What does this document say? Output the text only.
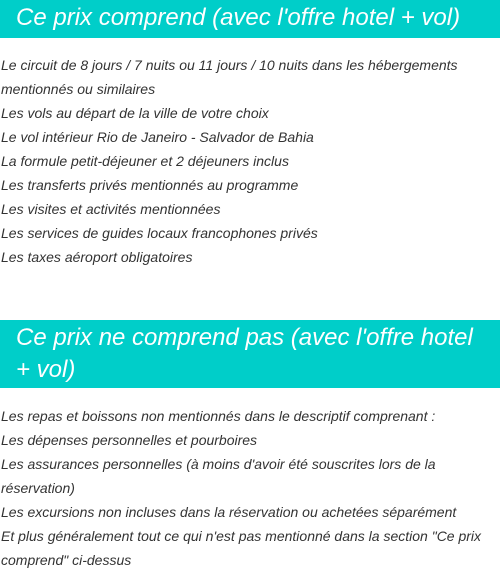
Ce prix comprend (avec l'offre hotel + vol)
Le circuit de 8 jours / 7 nuits ou 11 jours / 10 nuits dans les hébergements mentionnés ou similaires
Les vols au départ de la ville de votre choix
Le vol intérieur Rio de Janeiro - Salvador de Bahia
La formule petit-déjeuner et 2 déjeuners inclus
Les transferts privés mentionnés au programme
Les visites et activités mentionnées
Les services de guides locaux francophones privés
Les taxes aéroport obligatoires
Ce prix ne comprend pas (avec l'offre hotel + vol)
Les repas et boissons non mentionnés dans le descriptif comprenant :
Les dépenses personnelles et pourboires
Les assurances personnelles (à moins d'avoir été souscrites lors de la réservation)
Les excursions non incluses dans la réservation ou achetées séparément
Et plus généralement tout ce qui n'est pas mentionné dans la section "Ce prix comprend" ci-dessus
